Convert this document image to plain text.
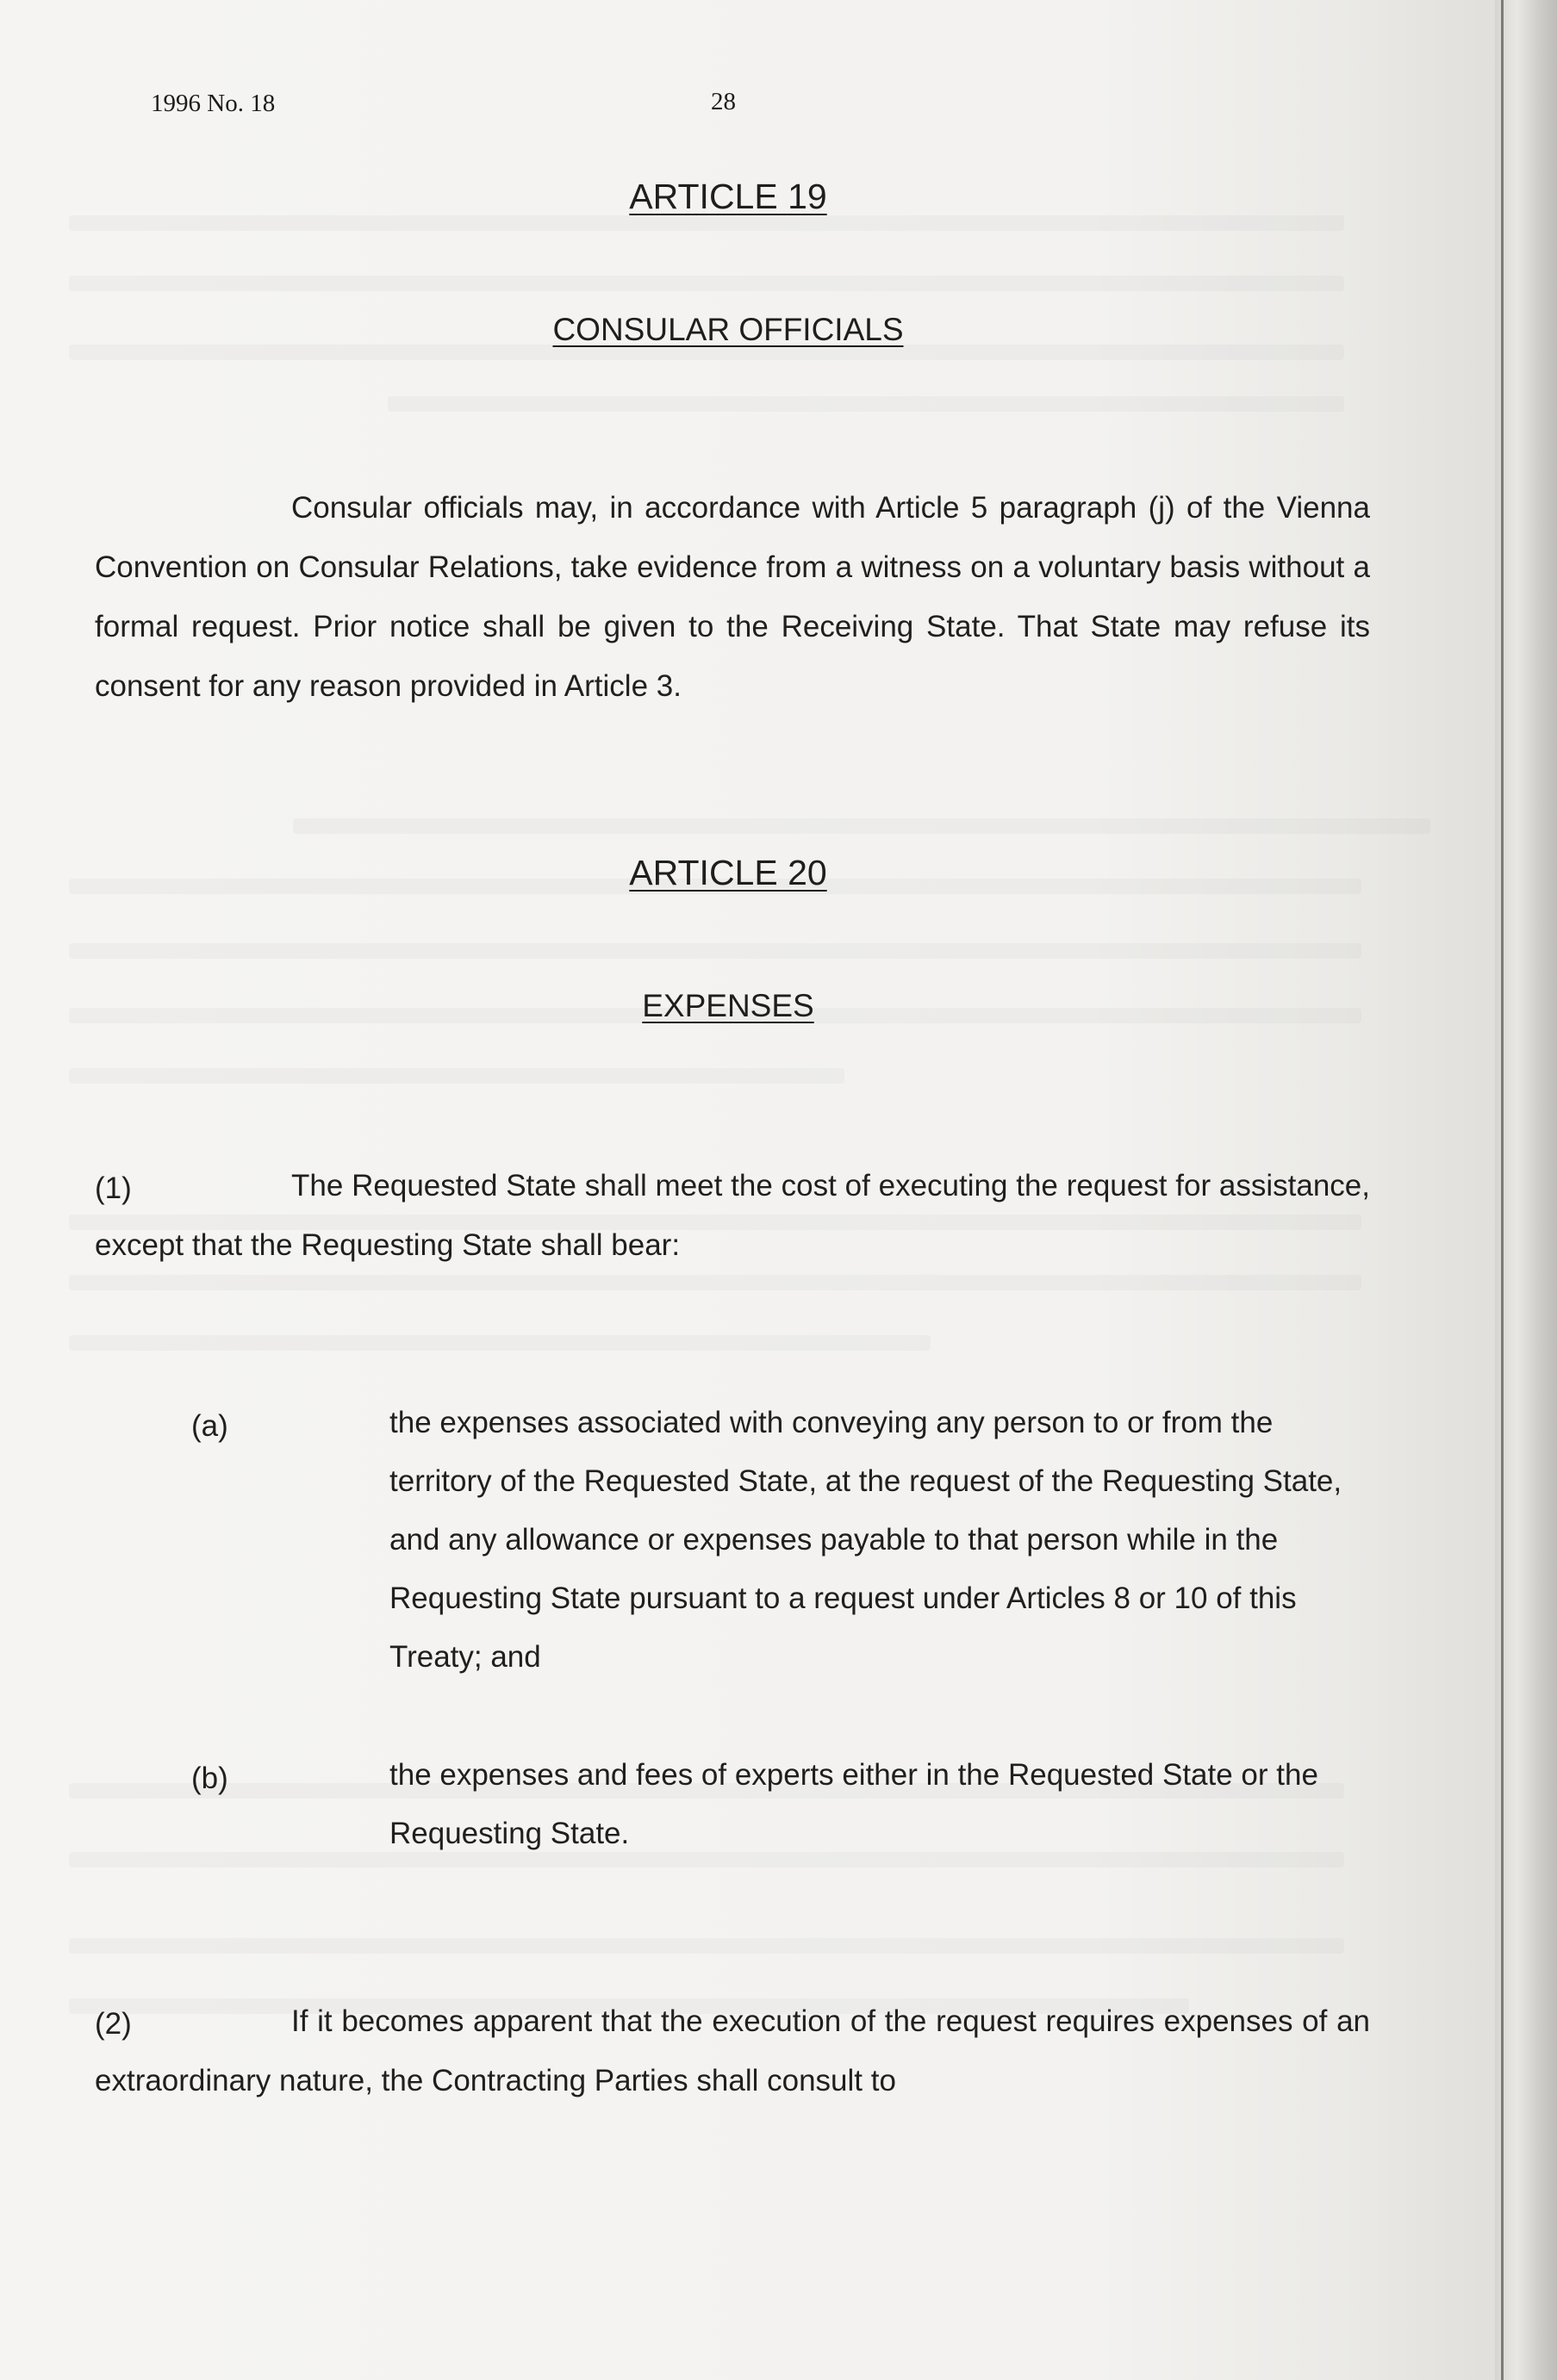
1996 No. 18	28
ARTICLE 19
CONSULAR OFFICIALS

Consular officials may, in accordance with Article 5 paragraph (j) of the Vienna Convention on Consular Relations, take evidence from a witness on a voluntary basis without a formal request. Prior notice shall be given to the Receiving State. That State may refuse its consent for any reason provided in Article 3.

ARTICLE 20
EXPENSES
(1)	The Requested State shall meet the cost of executing the request for assistance, except that the Requesting State shall bear:

(a)	the expenses associated with conveying any person to or from the territory of the Requested State, at the request of the Requesting State, and any allowance or expenses payable to that person while in the Requesting State pursuant to a request under Articles 8 or 10 of this Treaty; and

(b)	the expenses and fees of experts either in the Requested State or the Requesting State.

(2)	If it becomes apparent that the execution of the request requires expenses of an extraordinary nature, the Contracting Parties shall consult to
